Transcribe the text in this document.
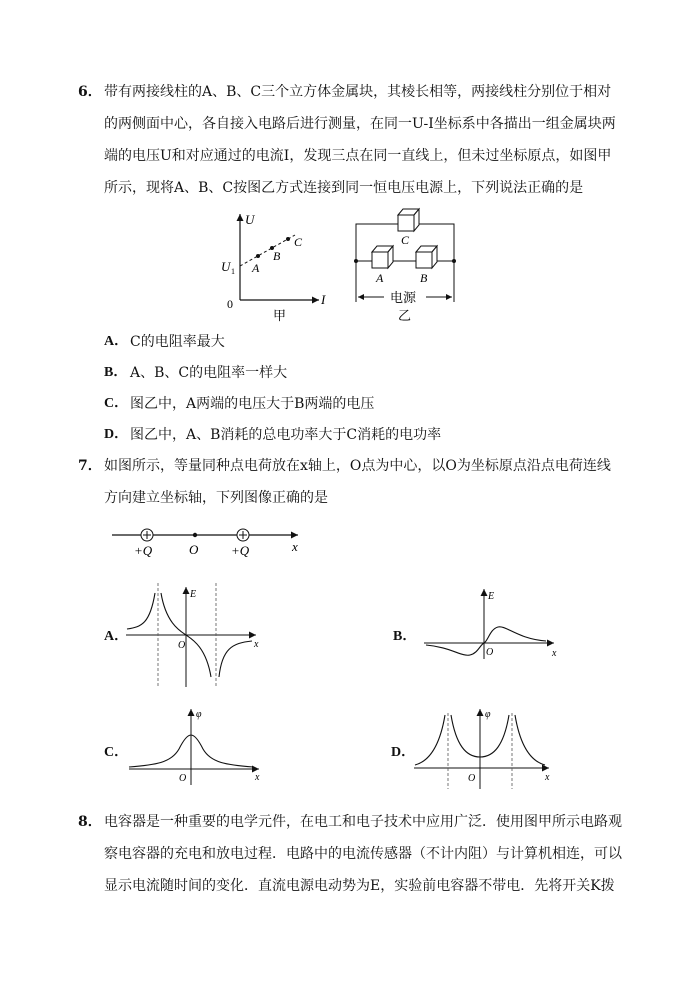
6． 带有两接线柱的A、B、C三个立方体金属块，其棱长相等，两接线柱分别位于相对
的两侧面中心，各自接入电路后进行测量，在同一U-I坐标系中各描出一组金属块两
端的电压U和对应通过的电流I，发现三点在同一直线上，但未过坐标原点，如图甲
所示，现将A、B、C按图乙方式连接到同一恒电压电源上，下列说法正确的是
U
I
0
U 1 A
B
C
甲
C
A	B
电源
乙
A． C的电阻率最大
B． A、B、C的电阻率一样大
C． 图乙中，A两端的电压大于B两端的电压
D． 图乙中，A、B消耗的总电功率大于C消耗的电功率
7． 如图所示，等量同种点电荷放在x轴上，O点为中心，以O为坐标原点沿点电荷连线
方向建立坐标轴，下列图像正确的是
+Q	O	+Q	x
A．
E
x
O
B．
E
x
O
C．
φ
x
O
D．
φ
x
O
8． 电容器是一种重要的电学元件，在电工和电子技术中应用广泛．使用图甲所示电路观
察电容器的充电和放电过程．电路中的电流传感器（不计内阻）与计算机相连，可以
显示电流随时间的变化．直流电源电动势为E，实验前电容器不带电．先将开关K拨
